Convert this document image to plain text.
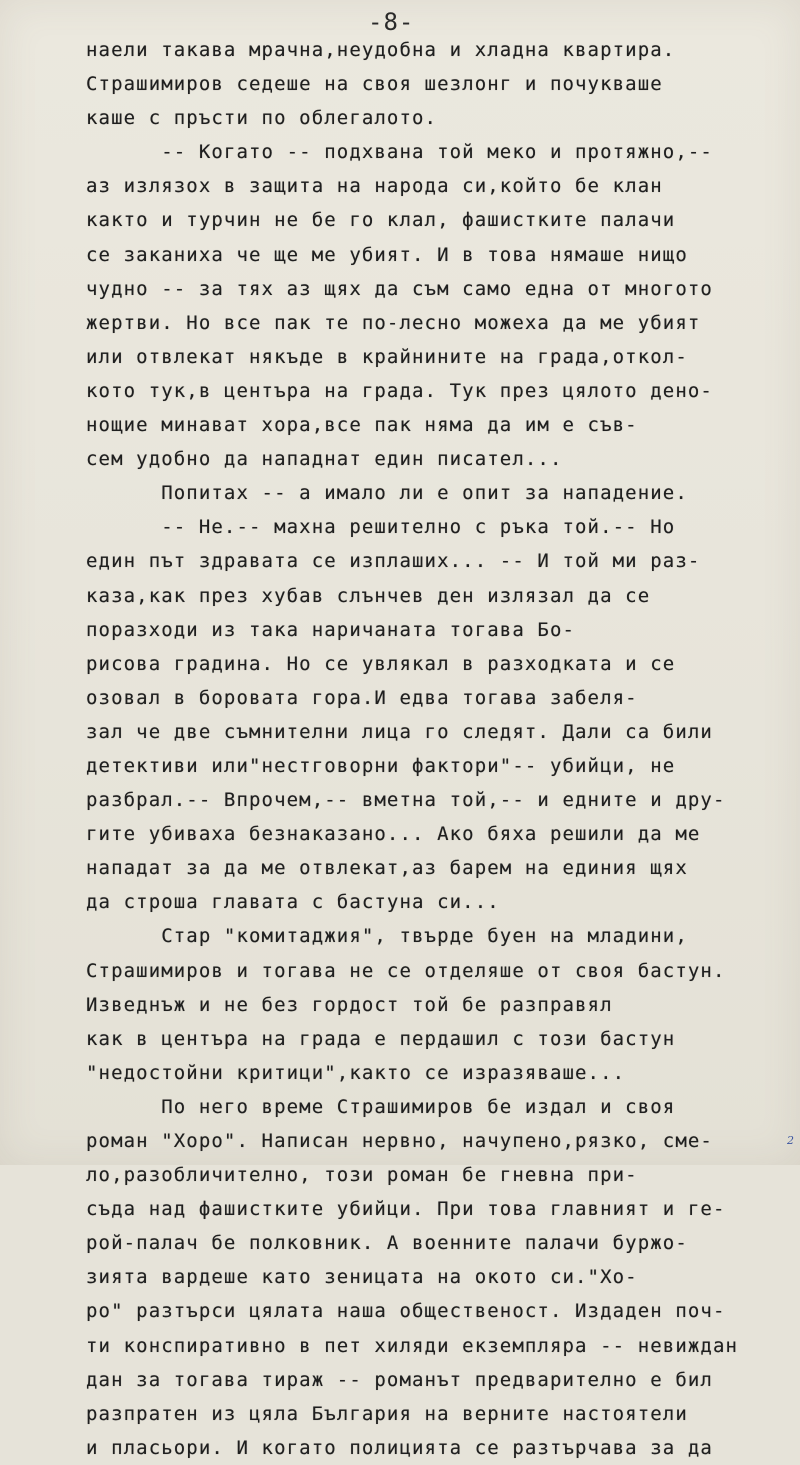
-8-
наели такава мрачна,неудобна и хладна квартира.
Страшимиров седеше на своя шезлонг и почукваше
каше с пръсти по облегалото.
-- Когато -- подхвана той меко и протяжно,--
аз излязох в защита на народа си,който бе клан
както и турчин не бе го клал, фашистките палачи
се заканиха че ще ме убият. И в това нямаше нищо
чудно -- за тях аз щях да съм само една от многото
жертви. Но все пак те по-лесно можеха да ме убият
или отвлекат някъде в крайнините на града,откол-
кото тук,в центъра на града. Тук през цялото дено-
нощие минават хора,все пак няма да им е съв-
сем удобно да нападнат един писател...
Попитах -- а имало ли е опит за нападение.
-- Не.-- махна решително с ръка той.-- Но
един път здравата се изплаших... -- И той ми раз-
каза,как през хубав слънчев ден излязал да се
поразходи из така наричаната тогава Бо-
рисова градина. Но се увлякал в разходката и се
озовал в боровата гора.И едва тогава забеля-
зал че две съмнителни лица го следят. Дали са били
детективи или"нестговорни фактори"-- убийци, не
разбрал.-- Впрочем,-- вметна той,-- и едните и дру-
гите убиваха безнаказано... Ако бяха решили да ме
нападат за да ме отвлекат,аз барем на единия щях
да строша главата с бастуна си...
Стар "комитаджия", твърде буен на младини,
Страшимиров и тогава не се отделяше от своя бастун.
Изведнъж и не без гордост той бе разправял
как в центъра на града е пердашил с този бастун
"недостойни критици",както се изразяваше...
По него време Страшимиров бе издал и своя
роман "Хоро". Написан нервно, начупено,рязко, сме-
ло,разобличително, този роман бе гневна при-
съда над фашистките убийци. При това главният и ге-
рой-палач бе полковник. А военните палачи буржо-
зията вардеше като зеницата на окото си."Хо-
ро" разтърси цялата наша общественост. Издаден поч-
ти конспиративно в пет хиляди екземпляра -- невиждан
дан за тогава тираж -- романът предварително е бил
разпратен из цяла България на верните настоятели
и пласьори. И когато полицията се разтърчава за да
2
